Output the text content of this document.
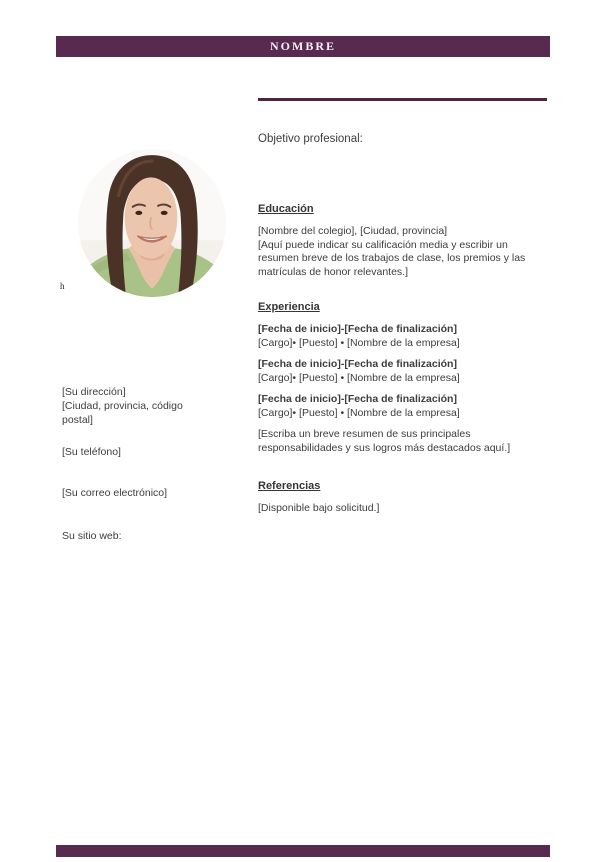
NOMBRE
Objetivo profesional:
h
[Su dirección]
[Ciudad, provincia, código postal]
[Su teléfono]
[Su correo electrónico]
Su sitio web:
Educación

[Nombre del colegio], [Ciudad, provincia]

[Aquí puede indicar su calificación media y escribir un resumen breve de los trabajos de clase, los premios y las matrículas de honor relevantes.]

Experiencia
[Fecha de inicio]-[Fecha de finalización]
[Cargo]• [Puesto] • [Nombre de la empresa]
[Fecha de inicio]-[Fecha de finalización]
[Cargo]• [Puesto] • [Nombre de la empresa]
[Fecha de inicio]-[Fecha de finalización]
[Cargo]• [Puesto] • [Nombre de la empresa]

[Escriba un breve resumen de sus principales responsabilidades y sus logros más destacados aquí.]

Referencias

[Disponible bajo solicitud.]
